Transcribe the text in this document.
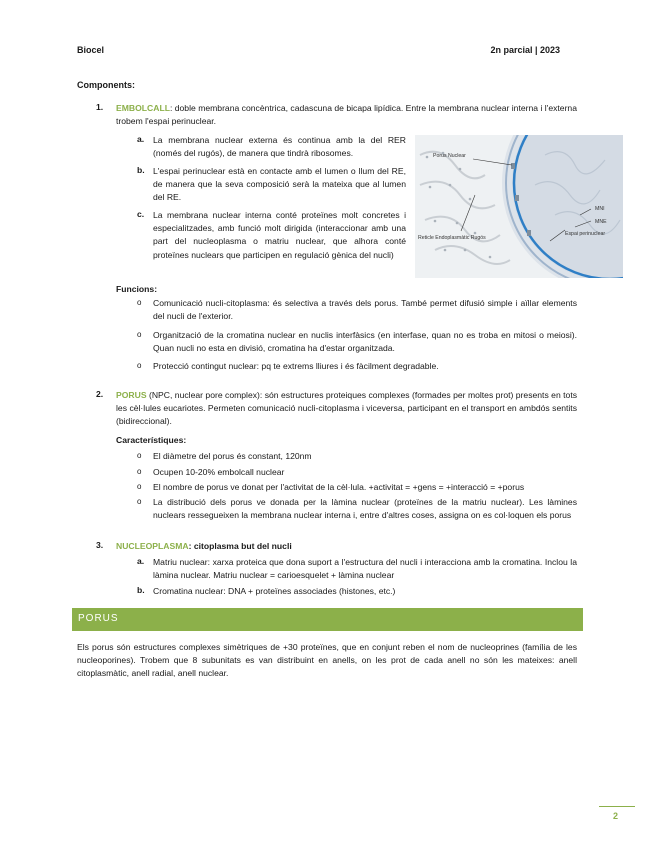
Biocel	2n parcial | 2023
Components:
1. EMBOLCALL: doble membrana concèntrica, cadascuna de bicapa lipídica. Entre la membrana nuclear interna i l'externa trobem l'espai perinuclear.
a. La membrana nuclear externa és continua amb la del RER (només del rugós), de manera que tindrà ribosomes.
b. L'espai perinuclear està en contacte amb el lumen o llum del RE, de manera que la seva composició serà la mateixa que al lumen del RE.
c. La membrana nuclear interna conté proteïnes molt concretes i especialitzades, amb funció molt dirigida (interaccionar amb una part del nucleoplasma o matriu nuclear, que alhora conté proteïnes nuclears que participen en regulació gènica del nucli)
Porus Nuclear
MNI
MNE
Reticle Endoplasmàtic Rugós
Espai perinuclear
Funcions:
o Comunicació nucli-citoplasma: és selectiva a través dels porus. També permet difusió simple i aïllar elements del nucli de l'exterior.
o Organització de la cromatina nuclear en nuclis interfàsics (en interfase, quan no es troba en mitosi o meiosi). Quan nucli no esta en divisió, cromatina ha d'estar organitzada.
o Protecció contingut nuclear: pq te extrems lliures i és fàcilment degradable.
2. PORUS (NPC, nuclear pore complex): són estructures proteiques complexes (formades per moltes prot) presents en tots les cèl·lules eucariotes. Permeten comunicació nucli-citoplasma i viceversa, participant en el transport en ambdós sentits (bidireccional).
Característiques:
o El diàmetre del porus és constant, 120nm
o Ocupen 10-20% embolcall nuclear
o El nombre de porus ve donat per l'activitat de la cèl·lula. +activitat = +gens = +interacció = +porus
o La distribució dels porus ve donada per la làmina nuclear (proteïnes de la matriu nuclear). Les làmines nuclears ressegueixen la membrana nuclear interna i, entre d'altres coses, assigna on es col·loquen els porus
3. NUCLEOPLASMA: citoplasma but del nucli
a. Matriu nuclear: xarxa proteica que dona suport a l'estructura del nucli i interacciona amb la cromatina. Inclou la làmina nuclear. Matriu nuclear = carioesquelet + làmina nuclear
b. Cromatina nuclear: DNA + proteïnes associades (histones, etc.)
PORUS
Els porus són estructures complexes simètriques de +30 proteïnes, que en conjunt reben el nom de nucleoprines (família de les nucleoporines). Trobem que 8 subunitats es van distribuint en anells, on les prot de cada anell no són les mateixes: anell citoplasmàtic, anell radial, anell nuclear.
2
